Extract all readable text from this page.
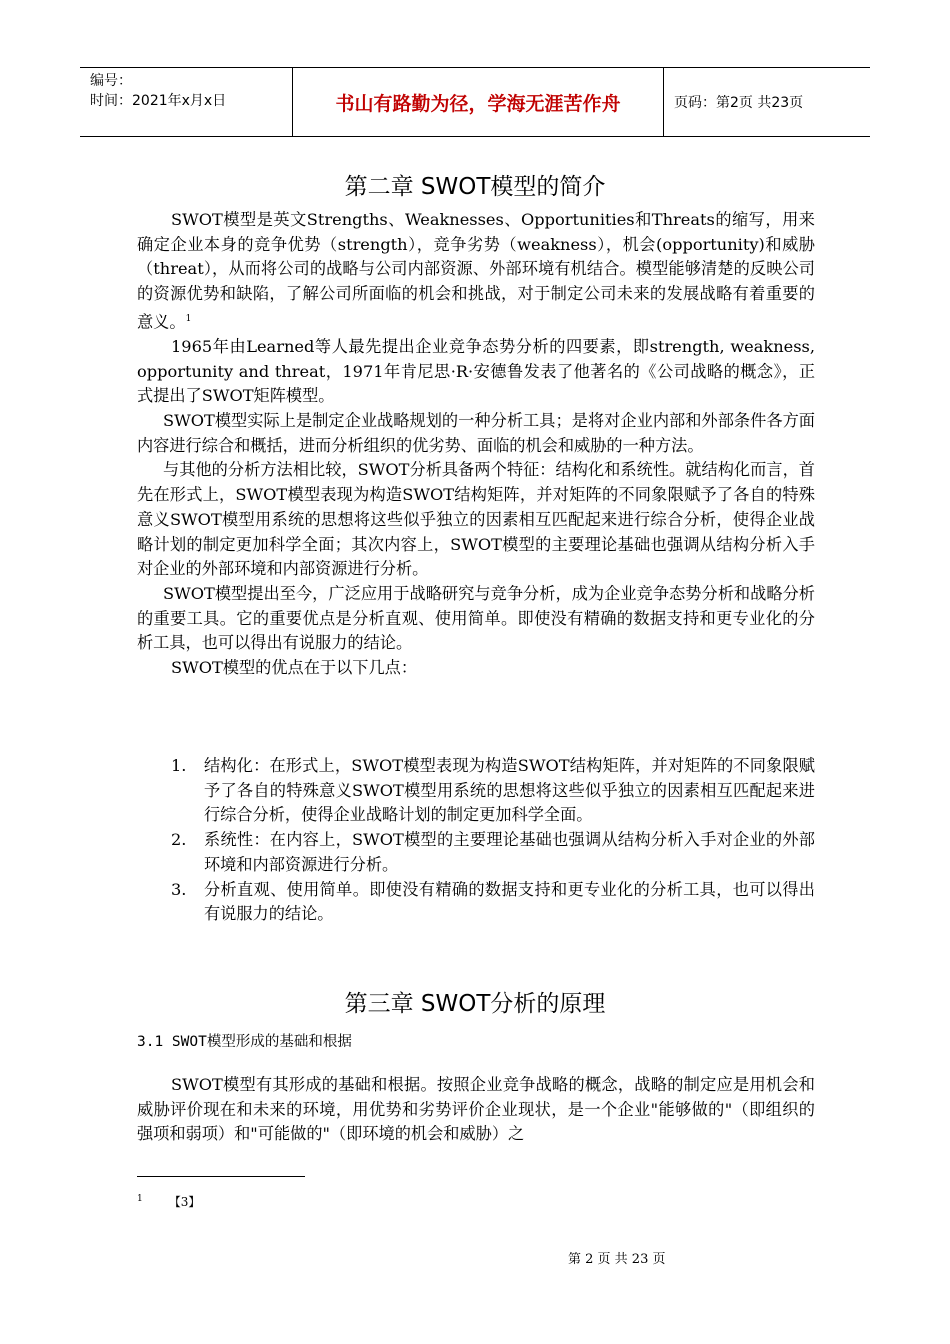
编号：
时间：2021年x月x日	书山有路勤为径，学海无涯苦作舟	页码：第2页 共23页
第二章 SWOT模型的简介

SWOT模型是英文Strengths、Weaknesses、Opportunities和Threats的缩写，用来确定企业本身的竞争优势（strength），竞争劣势（weakness），机会(opportunity)和威胁（threat），从而将公司的战略与公司内部资源、外部环境有机结合。模型能够清楚的反映公司的资源优势和缺陷，了解公司所面临的机会和挑战，对于制定公司未来的发展战略有着重要的意义。$^1$

1965年由Learned等人最先提出企业竞争态势分析的四要素，即strength, weakness, opportunity and threat，1971年肯尼思·R·安德鲁发表了他著名的《公司战略的概念》，正式提出了SWOT矩阵模型。

SWOT模型实际上是制定企业战略规划的一种分析工具；是将对企业内部和外部条件各方面内容进行综合和概括，进而分析组织的优劣势、面临的机会和威胁的一种方法。

与其他的分析方法相比较，SWOT分析具备两个特征：结构化和系统性。就结构化而言，首先在形式上，SWOT模型表现为构造SWOT结构矩阵，并对矩阵的不同象限赋予了各自的特殊意义SWOT模型用系统的思想将这些似乎独立的因素相互匹配起来进行综合分析，使得企业战略计划的制定更加科学全面；其次内容上，SWOT模型的主要理论基础也强调从结构分析入手对企业的外部环境和内部资源进行分析。

SWOT模型提出至今，广泛应用于战略研究与竞争分析，成为企业竞争态势分析和战略分析的重要工具。它的重要优点是分析直观、使用简单。即使没有精确的数据支持和更专业化的分析工具，也可以得出有说服力的结论。

SWOT模型的优点在于以下几点：

1. 结构化：在形式上，SWOT模型表现为构造SWOT结构矩阵，并对矩阵的不同象限赋予了各自的特殊意义SWOT模型用系统的思想将这些似乎独立的因素相互匹配起来进行综合分析，使得企业战略计划的制定更加科学全面。
2. 系统性：在内容上，SWOT模型的主要理论基础也强调从结构分析入手对企业的外部环境和内部资源进行分析。
3. 分析直观、使用简单。即使没有精确的数据支持和更专业化的分析工具，也可以得出有说服力的结论。
第三章 SWOT分析的原理
3.1 SWOT模型形成的基础和根据

SWOT模型有其形成的基础和根据。按照企业竞争战略的概念，战略的制定应是用机会和威胁评价现在和未来的环境，用优势和劣势评价企业现状，是一个企业"能够做的"（即组织的强项和弱项）和"可能做的"（即环境的机会和威胁）之

$^1$ 【3】
第 2 页 共 23 页
